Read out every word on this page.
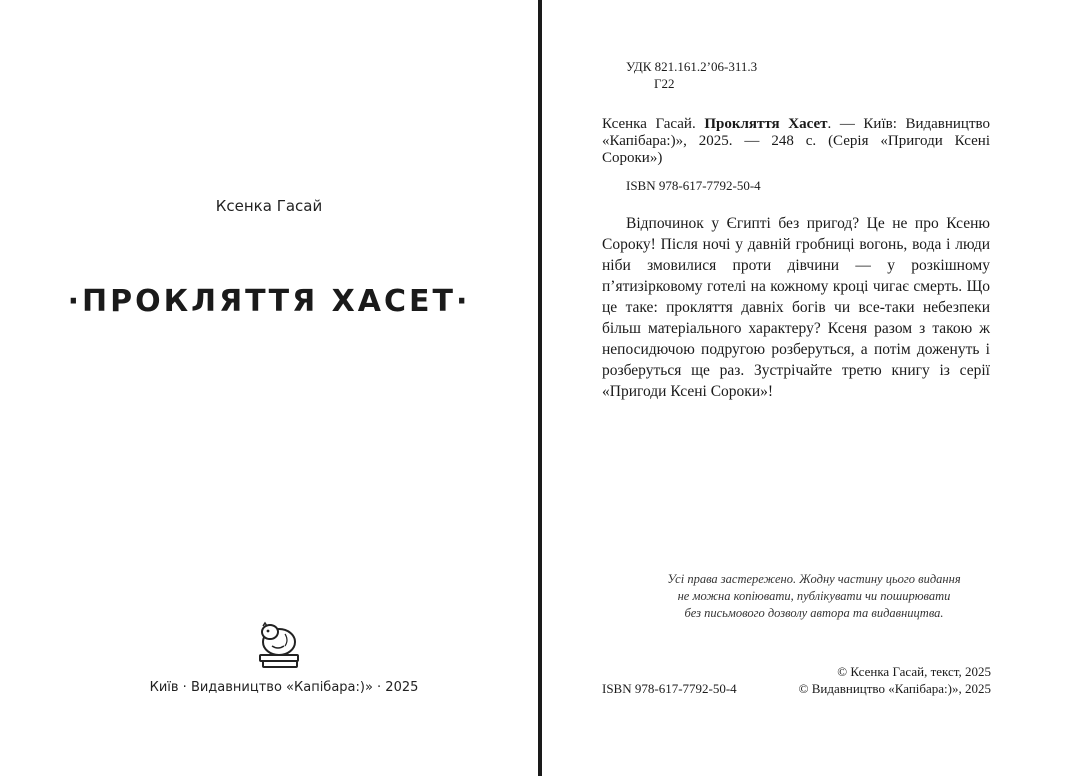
Ксенка Гасай
·ПРОКЛЯТТЯ ХАСЕТ·
Київ · Видавництво «Капібара:)» · 2025
УДК 821.161.2’06-311.3
Г22
Ксенка Гасай. Прокляття Хасет. — Київ: Видавництво «Капібара:)», 2025. — 248 с. (Серія «Пригоди Ксені Сороки»)
ISBN 978-617-7792-50-4
Відпочинок у Єгипті без пригод? Це не про Ксеню Сороку! Після ночі у давній гробниці вогонь, вода і люди ніби змовилися проти дівчини — у розкішному п’ятизірковому готелі на кожному кроці чигає смерть. Що це таке: прокляття давніх богів чи все-таки небезпеки більш матеріального характеру? Ксеня разом з такою ж непосидючою подругою розберуться, а потім доженуть і розберуться ще раз. Зустрічайте третю книгу із серії «Пригоди Ксені Сороки»!
Усі права застережено. Жодну частину цього видання
не можна копіювати, публікувати чи поширювати
без письмового дозволу автора та видавництва.
ISBN 978-617-7792-50-4
© Ксенка Гасай, текст, 2025
© Видавництво «Капібара:)», 2025
